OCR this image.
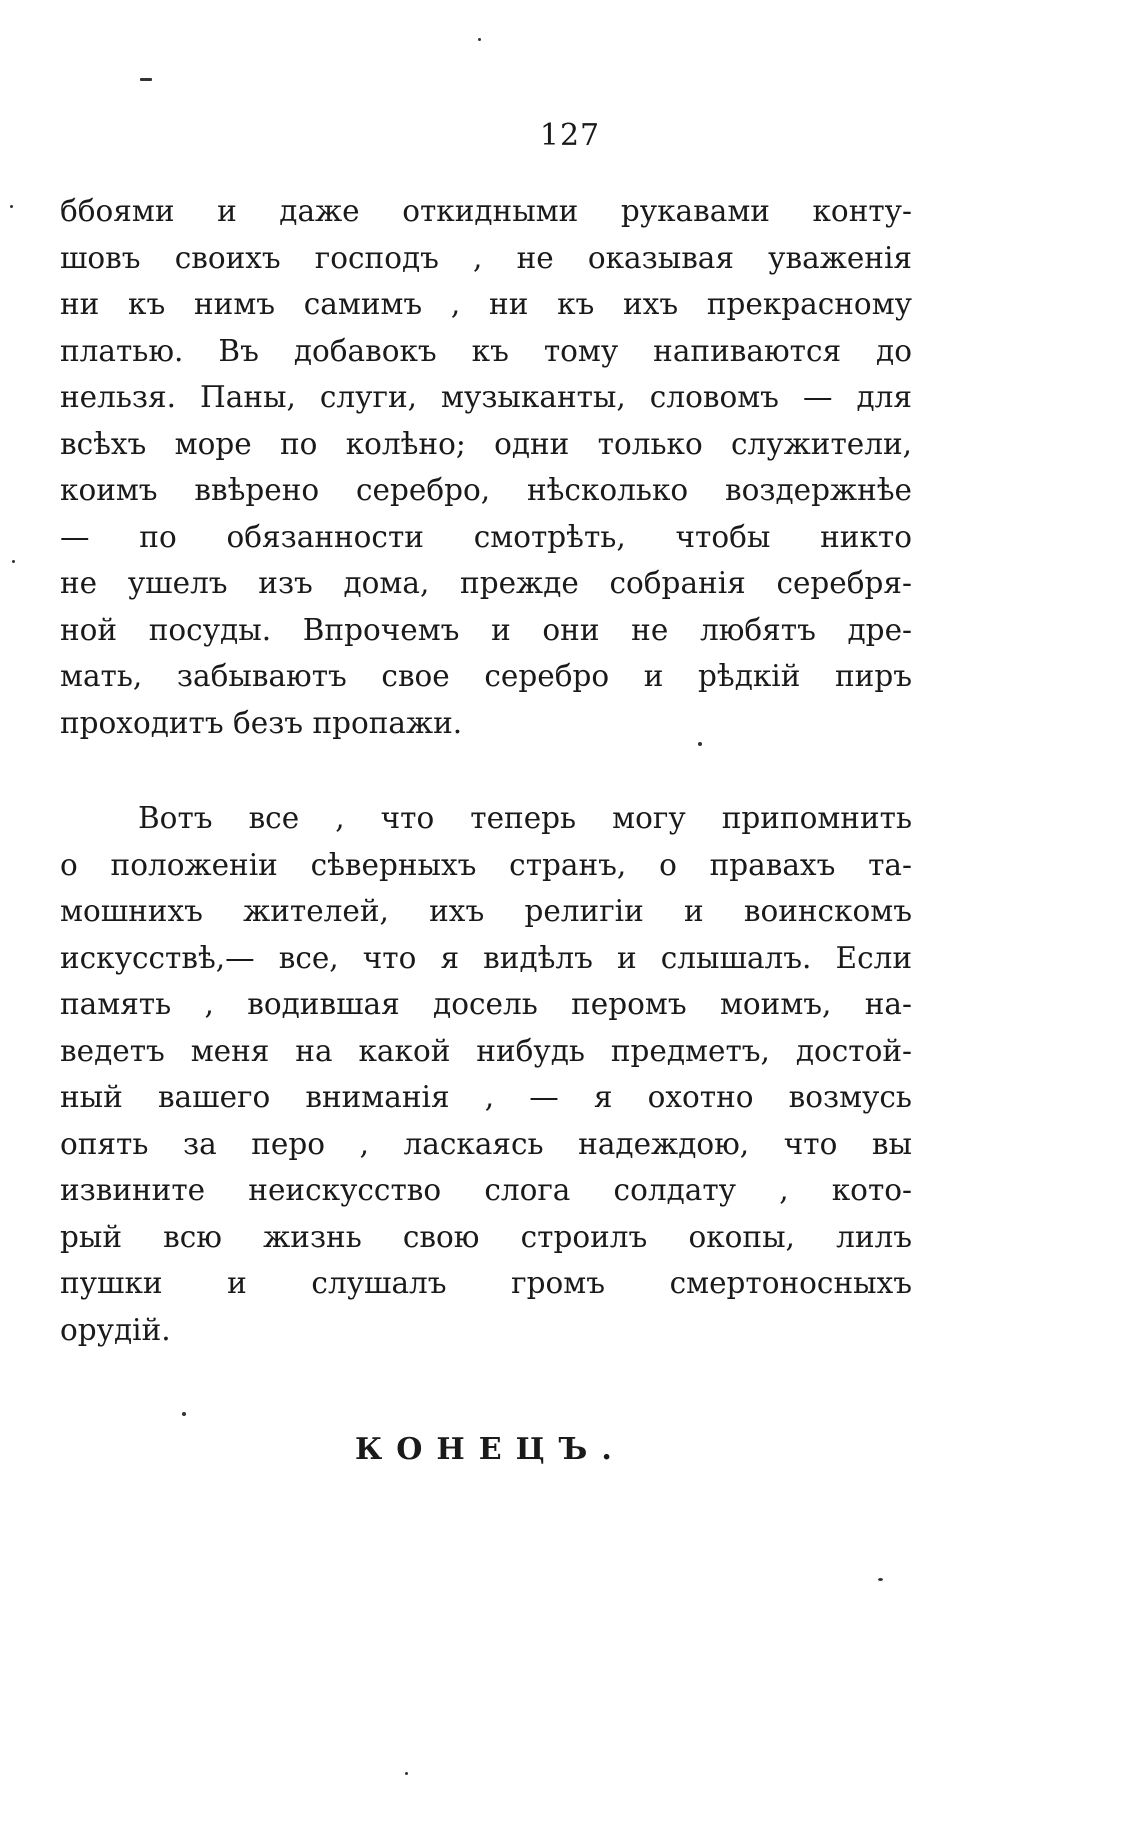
127
ббоями и даже откидными рукавами конту-
шовъ своихъ господъ , не оказывая уваженія
ни къ нимъ самимъ , ни къ ихъ прекрасному
платью. Въ добавокъ къ тому напиваются до
нельзя. Паны, слуги, музыканты, словомъ — для
всѣхъ море по колѣно; одни только служители,
коимъ ввѣрено серебро, нѣсколько воздержнѣе
— по обязанности смотрѣть, чтобы никто
не ушелъ изъ дома, прежде собранія серебря-
ной посуды. Впрочемъ и они не любятъ дре-
мать, забываютъ свое серебро и рѣдкій пиръ
проходитъ безъ пропажи.
Вотъ все , что теперь могу припомнить
о положеніи сѣверныхъ странъ, о правахъ та-
мошнихъ жителей, ихъ религіи и воинскомъ
искусствѣ,— все, что я видѣлъ и слышалъ. Если
память , водившая досель перомъ моимъ, на-
ведетъ меня на какой нибудь предметъ, достой-
ный вашего вниманія , — я охотно возмусь
опять за перо , ласкаясь надеждою, что вы
извините неискусство слога солдату , кото-
рый всю жизнь свою строилъ окопы, лилъ
пушки и слушалъ громъ смертоносныхъ
орудій.
КОНЕЦЪ.
